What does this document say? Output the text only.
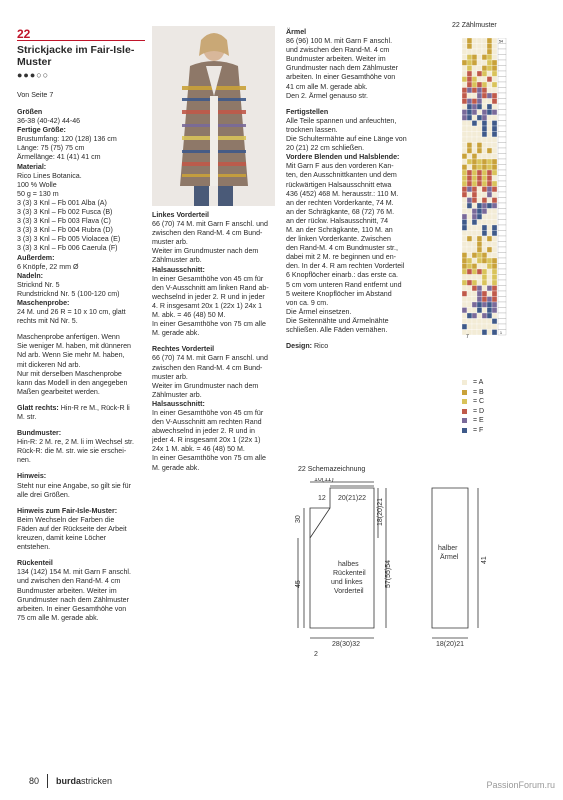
22
Strickjacke im Fair-Isle-Muster
●●●○○
Von Seite 7

Größen

36-38 (40-42) 44-46

Fertige Größe:

Brustumfang: 120 (128) 136 cm

Länge: 75 (75) 75 cm

Ärmellänge: 41 (41) 41 cm

Material:

Rico Lines Botanica.

100 % Wolle

50 g = 130 m

3 (3) 3 Knl – Fb 001 Alba (A)

3 (3) 3 Knl – Fb 002 Fusca (B)

3 (3) 3 Knl – Fb 003 Flava (C)

3 (3) 3 Knl – Fb 004 Rubra (D)

3 (3) 3 Knl – Fb 005 Violacea (E)

3 (3) 3 Knl – Fb 006 Caerula (F)

Außerdem:

6 Knöpfe, 22 mm Ø

Nadeln:

Stricknd Nr. 5

Rundstricknd Nr. 5 (100-120 cm)

Maschenprobe:

24 M. und 26 R = 10 x 10 cm, glatt

rechts mit Nd Nr. 5.

Maschenprobe anfertigen. Wenn

Sie weniger M. haben, mit dünneren

Nd arb. Wenn Sie mehr M. haben,

mit dickeren Nd arb.

Nur mit derselben Maschenprobe

kann das Modell in den angegeben

Maßen gearbeitet werden.

Glatt rechts: Hin-R re M., Rück-R li

M. str.

Bundmuster:

Hin-R: 2 M. re, 2 M. li im Wechsel str.

Rück-R: die M. str. wie sie erschei-

nen.

Hinweis:

Steht nur eine Angabe, so gilt sie für

alle drei Größen.

Hinweis zum Fair-Isle-Muster:

Beim Wechseln der Farben die

Fäden auf der Rückseite der Arbeit

kreuzen, damit keine Löcher

entstehen.

Rückenteil

134 (142) 154 M. mit Garn F anschl.

und zwischen den Rand-M. 4 cm

Bundmuster arbeiten. Weiter im

Grundmuster nach dem Zählmuster

arbeiten. In einer Gesamthöhe von

75 cm alle M. gerade abk.

Linkes Vorderteil

66 (70) 74 M. mit Garn F anschl. und

zwischen den Rand-M. 4 cm Bund-

muster arb.

Weiter im Grundmuster nach dem

Zählmuster arb.

Halsausschnitt:

In einer Gesamthöhe von 45 cm für

den V-Ausschnitt am linken Rand ab-

wechselnd in jeder 2. R und in jeder

4. R insgesamt 20x 1 (22x 1) 24x 1

M. abk. = 46 (48) 50 M.

In einer Gesamthöhe von 75 cm alle

M. gerade abk.

Rechtes Vorderteil

66 (70) 74 M. mit Garn F anschl. und

zwischen den Rand-M. 4 cm Bund-

muster arb.

Weiter im Grundmuster nach dem

Zählmuster arb.

Halsausschnitt:

In einer Gesamthöhe von 45 cm für

den V-Ausschnitt am rechten Rand

abwechselnd in jeder 2. R und in

jeder 4. R insgesamt 20x 1 (22x 1)

24x 1 M. abk. = 46 (48) 50 M.

In einer Gesamthöhe von 75 cm alle

M. gerade abk.

Ärmel

86 (96) 100 M. mit Garn F anschl.

und zwischen den Rand-M. 4 cm

Bundmuster arbeiten. Weiter im

Grundmuster nach dem Zählmuster

arbeiten. In einer Gesamthöhe von

41 cm alle M. gerade abk.

Den 2. Ärmel genauso str.

Fertigstellen

Alle Teile spannen und anfeuchten,

trocknen lassen.

Die Schultermähte auf eine Länge von

20 (21) 22 cm schließen.

Vordere Blenden und Halsblende:

Mit Garn F aus den vorderen Kan-

ten, den Ausschnittkanten und dem

rückwärtigen Halsausschnitt etwa

436 (452) 468 M. herausstr.: 110 M.

an der rechten Vorderkante, 74 M.

an der Schrägkante, 68 (72) 76 M.

an der rückw. Halsausschnitt, 74

M. an der Schrägkante, 110 M. an

der linken Vorderkante. Zwischen

den Rand-M. 4 cm Bundmuster str.,

dabei mit 2 M. re beginnen und en-

den. In der 4. R am rechten Vorderteil

6 Knopflöcher einarb.: das erste ca.

5 cm vom unteren Rand entfernt und

5 weitere Knopflöcher im Abstand

von ca. 9 cm.

Die Ärmel einsetzen.

Die Seitennähte und Ärmelnähte

schließen. Alle Fäden vernähen.

Design: Rico

22 Zählmuster
54
1
7
= A
= B
= C
= D
= E
= F
22 Schemazeichnung
10(11)
12 20(21)22
30
45
18(20)21
57(55)54
halbes
Rückenteil
und linkes
Vorderteil
28(30)32
2
halber
Ärmel	41
18(20)21
80 burdastricken	PassionForum.ru
